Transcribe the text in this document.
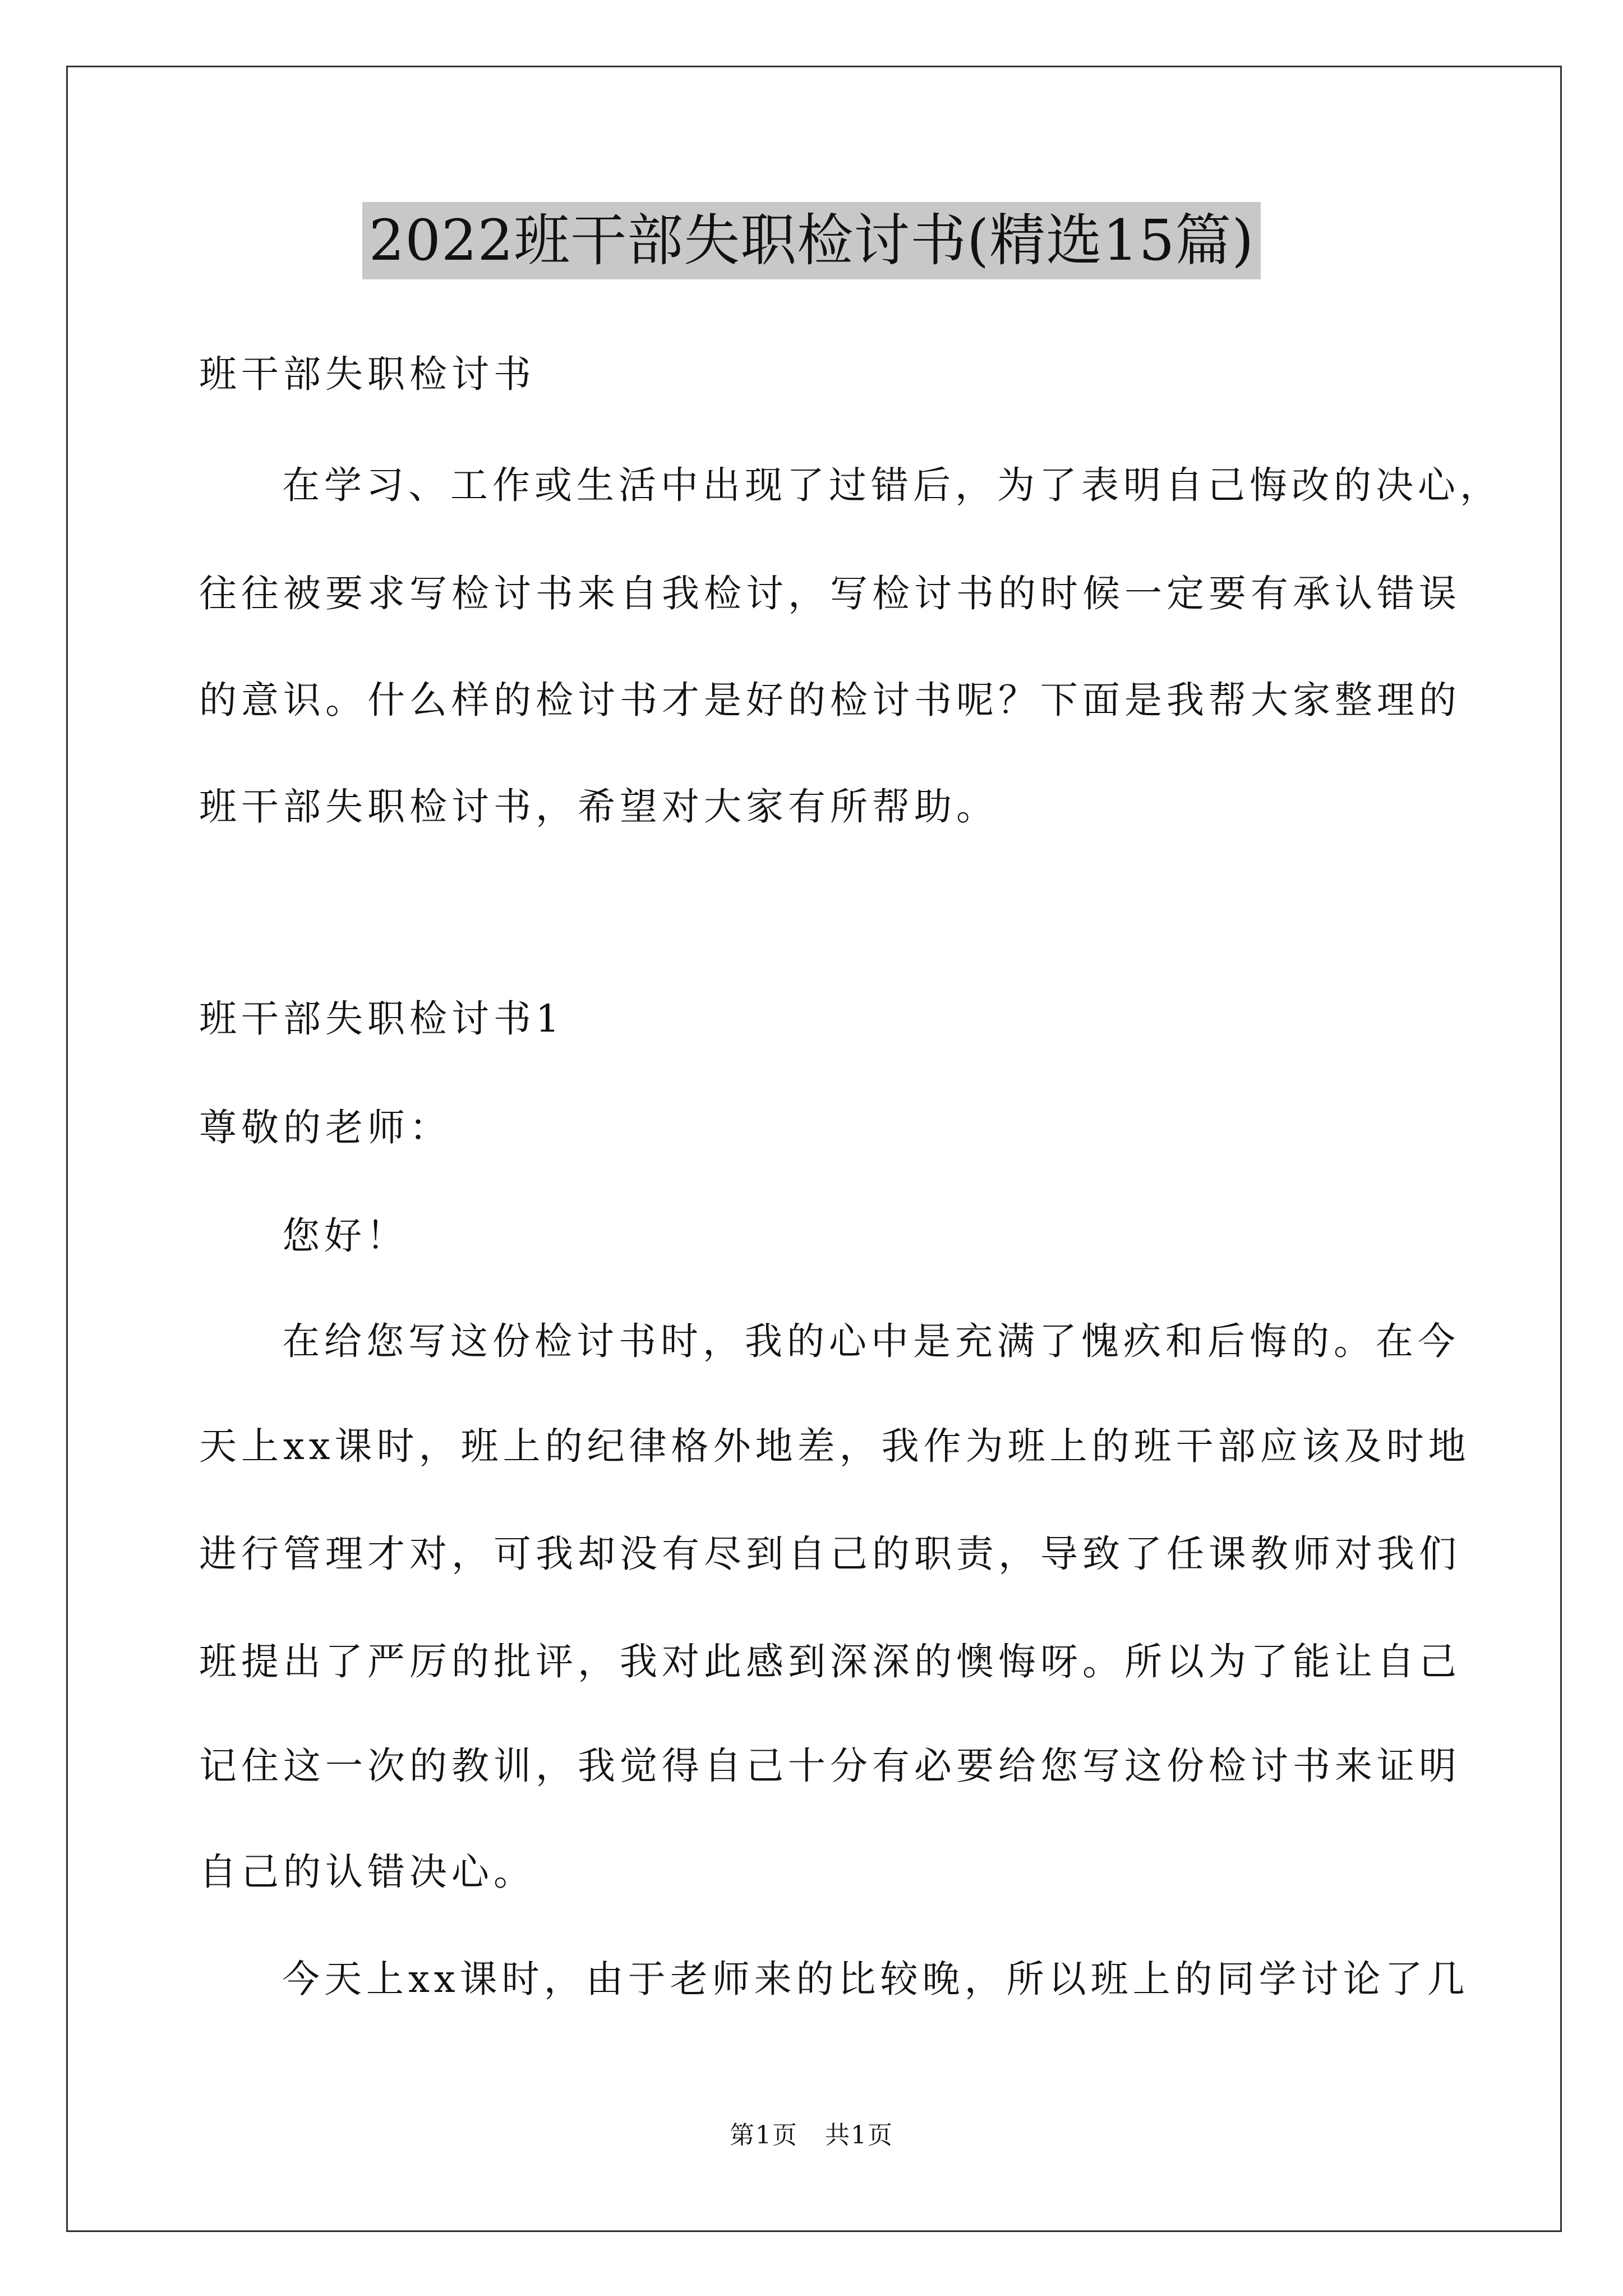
2022班干部失职检讨书(精选15篇)
班干部失职检讨书
在学习、工作或生活中出现了过错后，为了表明自己悔改的决心，
往往被要求写检讨书来自我检讨，写检讨书的时候一定要有承认错误
的意识。什么样的检讨书才是好的检讨书呢？下面是我帮大家整理的
班干部失职检讨书，希望对大家有所帮助。
班干部失职检讨书1
尊敬的老师：
您好！
在给您写这份检讨书时，我的心中是充满了愧疚和后悔的。在今
天上xx课时，班上的纪律格外地差，我作为班上的班干部应该及时地
进行管理才对，可我却没有尽到自己的职责，导致了任课教师对我们
班提出了严厉的批评，我对此感到深深的懊悔呀。所以为了能让自己
记住这一次的教训，我觉得自己十分有必要给您写这份检讨书来证明
自己的认错决心。
今天上xx课时，由于老师来的比较晚，所以班上的同学讨论了几
第1页 共1页
